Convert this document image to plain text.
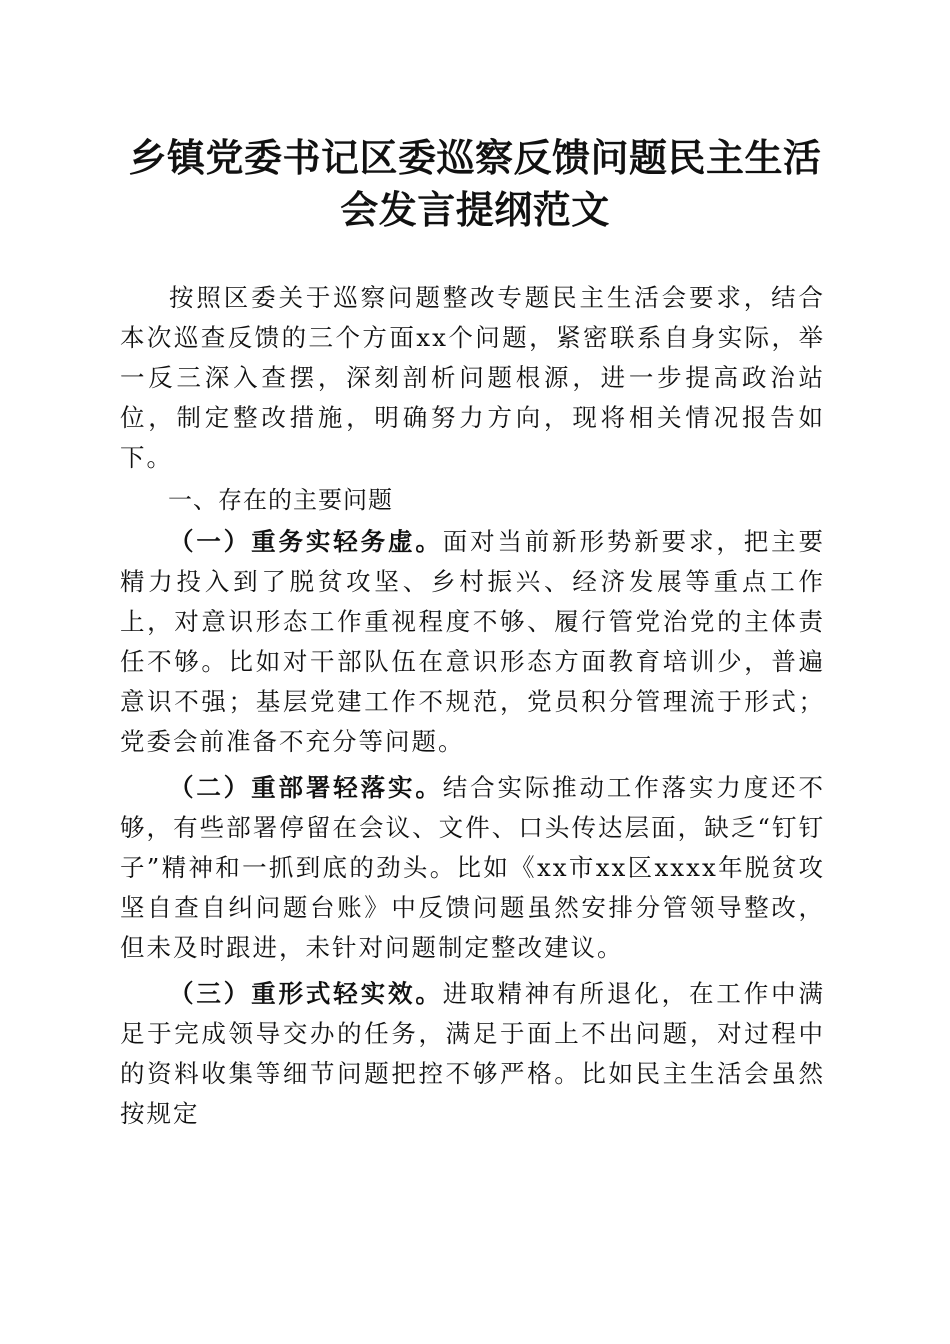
乡镇党委书记区委巡察反馈问题民主生活会发言提纲范文

按照区委关于巡察问题整改专题民主生活会要求，结合本次巡查反馈的三个方面xx个问题，紧密联系自身实际，举一反三深入查摆，深刻剖析问题根源，进一步提高政治站位，制定整改措施，明确努力方向，现将相关情况报告如下。

一、存在的主要问题

（一）重务实轻务虚。面对当前新形势新要求，把主要精力投入到了脱贫攻坚、乡村振兴、经济发展等重点工作上，对意识形态工作重视程度不够、履行管党治党的主体责任不够。比如对干部队伍在意识形态方面教育培训少，普遍意识不强；基层党建工作不规范，党员积分管理流于形式；党委会前准备不充分等问题。

（二）重部署轻落实。结合实际推动工作落实力度还不够，有些部署停留在会议、文件、口头传达层面，缺乏“钉钉子”精神和一抓到底的劲头。比如《xx市xx区xxxx年脱贫攻坚自查自纠问题台账》中反馈问题虽然安排分管领导整改，但未及时跟进，未针对问题制定整改建议。

（三）重形式轻实效。进取精神有所退化，在工作中满足于完成领导交办的任务，满足于面上不出问题，对过程中的资料收集等细节问题把控不够严格。比如民主生活会虽然按规定
